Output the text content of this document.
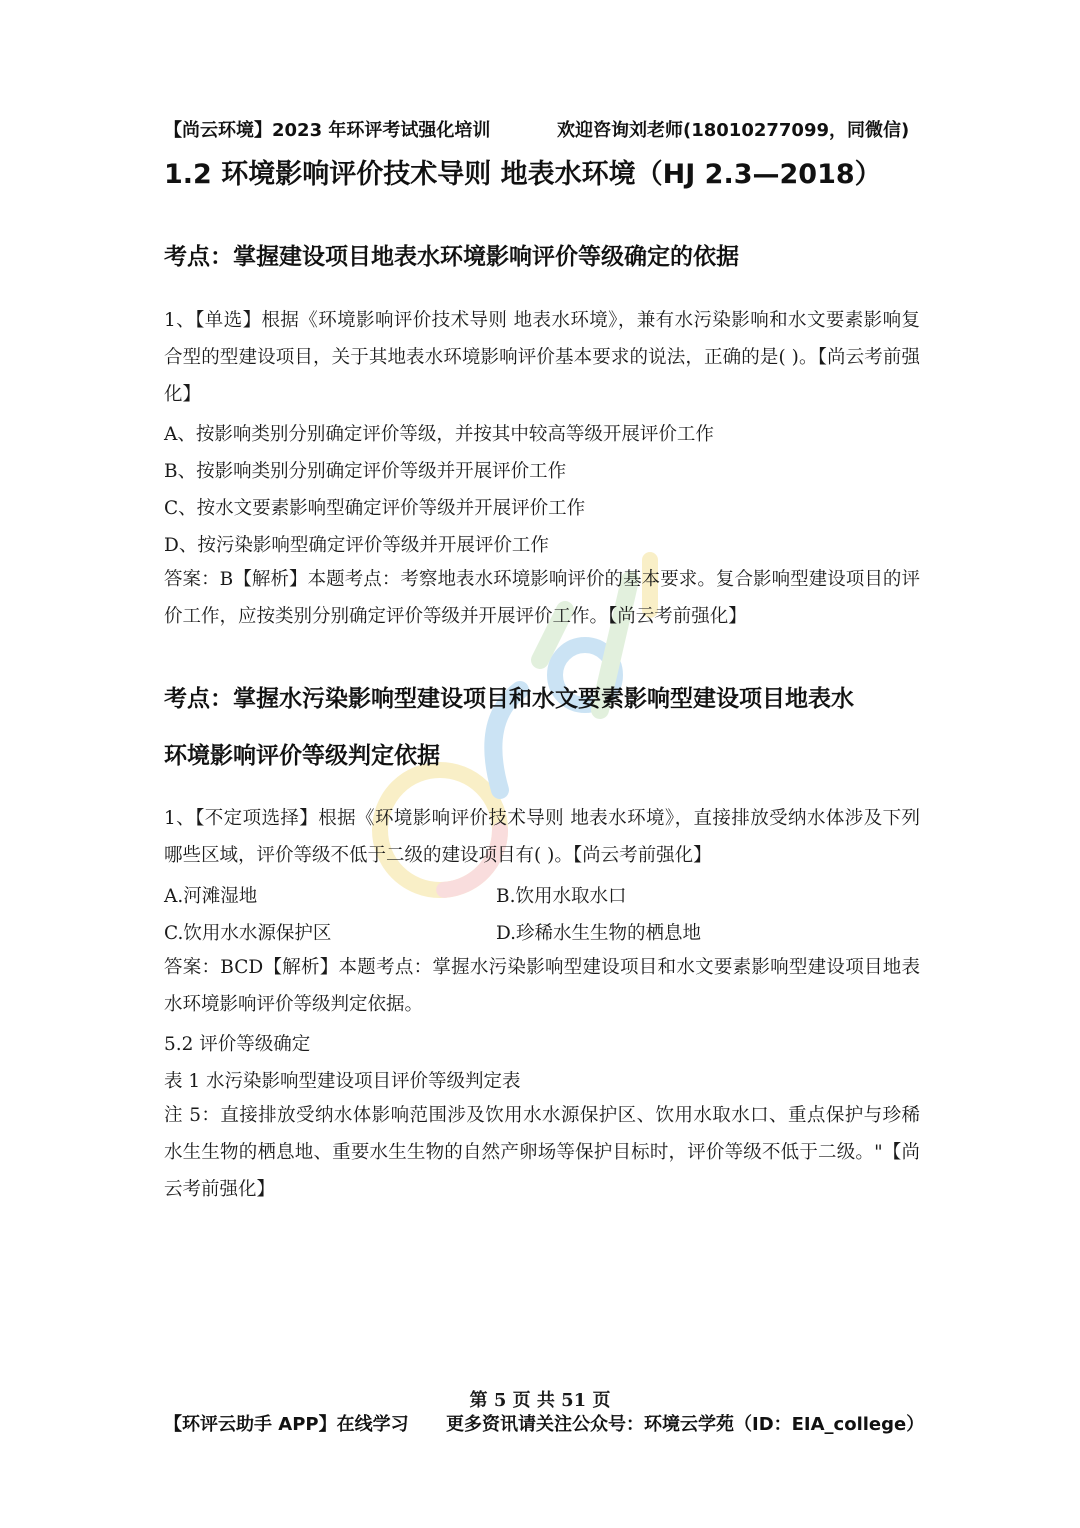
【尚云环境】2023 年环评考试强化培训	欢迎咨询刘老师(18010277099，同微信)
1.2 环境影响评价技术导则 地表水环境（HJ 2.3—2018）
考点：掌握建设项目地表水环境影响评价等级确定的依据
1、【单选】根据《环境影响评价技术导则 地表水环境》，兼有水污染影响和水文要素影响复合型的型建设项目，关于其地表水环境影响评价基本要求的说法，正确的是( )。【尚云考前强化】
A、按影响类别分别确定评价等级，并按其中较高等级开展评价工作
B、按影响类别分别确定评价等级并开展评价工作
C、按水文要素影响型确定评价等级并开展评价工作
D、按污染影响型确定评价等级并开展评价工作
答案：B【解析】本题考点：考察地表水环境影响评价的基本要求。复合影响型建设项目的评价工作，应按类别分别确定评价等级并开展评价工作。【尚云考前强化】
考点：掌握水污染影响型建设项目和水文要素影响型建设项目地表水
环境影响评价等级判定依据
1、【不定项选择】根据《环境影响评价技术导则 地表水环境》，直接排放受纳水体涉及下列哪些区域，评价等级不低于二级的建设项目有( )。【尚云考前强化】
A.河滩湿地	B.饮用水取水口
C.饮用水水源保护区	D.珍稀水生生物的栖息地
答案：BCD【解析】本题考点：掌握水污染影响型建设项目和水文要素影响型建设项目地表水环境影响评价等级判定依据。
5.2 评价等级确定
表 1 水污染影响型建设项目评价等级判定表
注 5：直接排放受纳水体影响范围涉及饮用水水源保护区、饮用水取水口、重点保护与珍稀水生生物的栖息地、重要水生生物的自然产卵场等保护目标时，评价等级不低于二级。"【尚云考前强化】
第 5 页 共 51 页
【环评云助手 APP】在线学习 更多资讯请关注公众号：环境云学苑（ID：EIA_college）
